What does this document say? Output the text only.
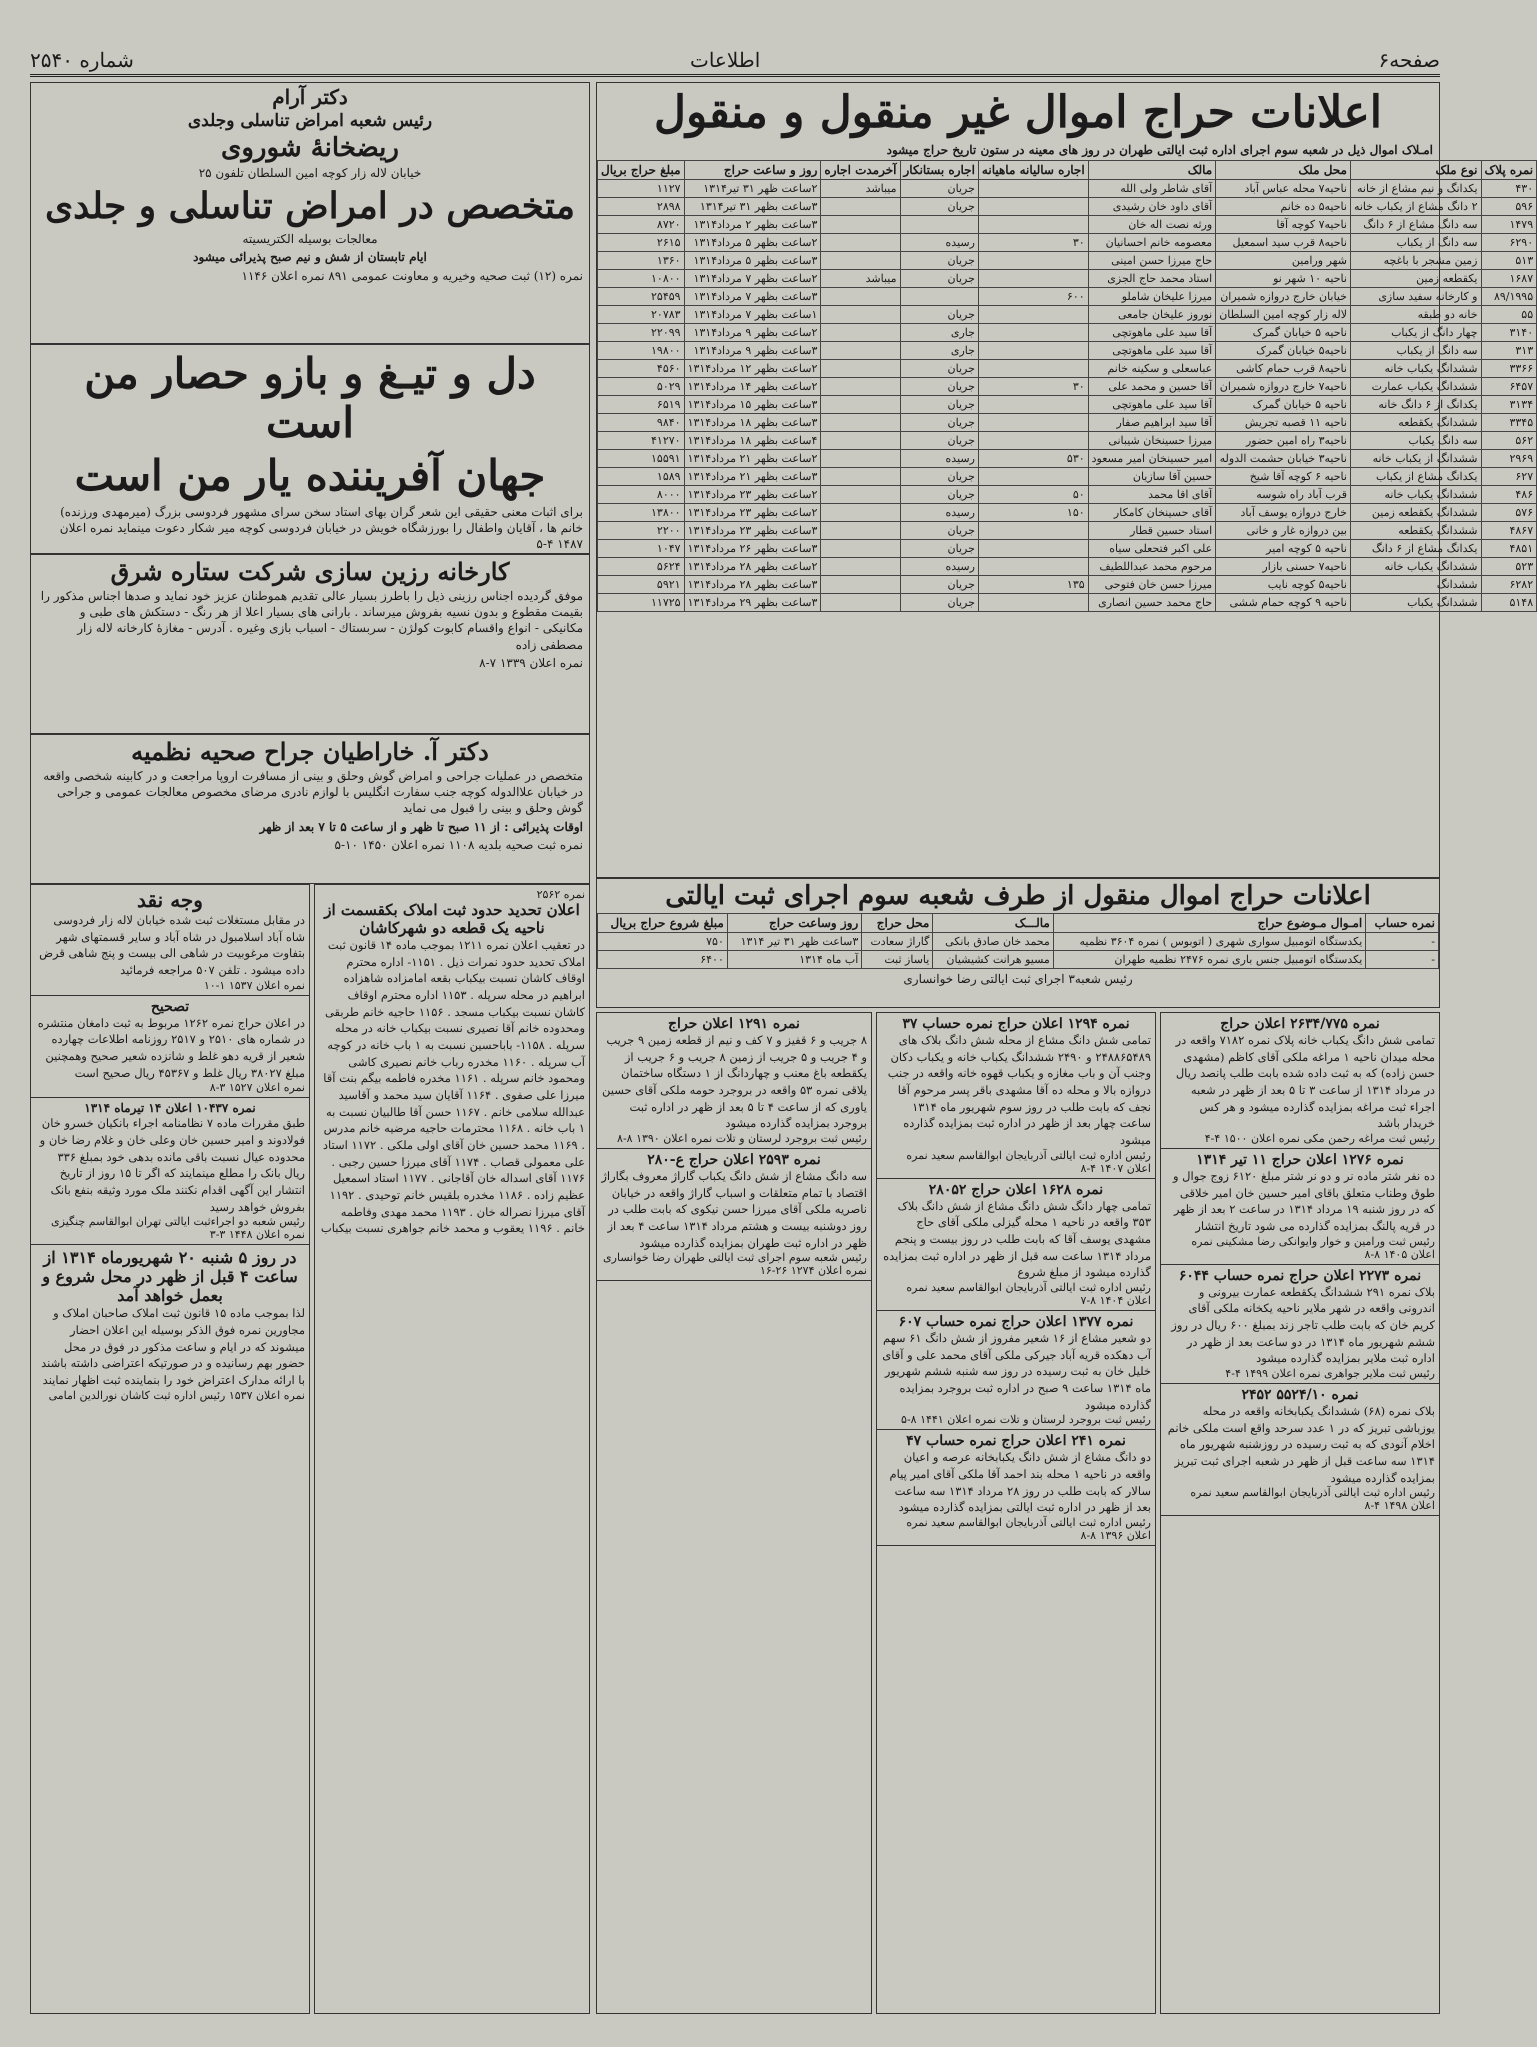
صفحه۶
اطلاعات
شماره ۲۵۴۰
اعلانات حراج اموال غیر منقول و منقول
امـلاک اموال ذیل در شعبه سوم اجرای اداره ثبت ایالتی طهران در روز های معینه در ستون تاریخ حراج میشود
نمره پلاک	نوع ملک	محل ملک	مالک	اجاره سالیانه ماهیانه	اجاره بستانکار	آخرمدت اجاره	روز و ساعت حراج	مبلغ حراج بریال
۴۳۰	یکدانگ و نیم مشاع از خانه	ناحیه۷ محله عباس آباد	آقای شاطر ولی الله		جریان	میباشد	۲ساعت ظهر ۳۱ تیر۱۳۱۴	۱۱۲۷
۵۹۶	۲ دانگ مشاع از یکباب خانه	ناحیه۵ ده خانم	آقای داود خان رشیدی		جریان		۳ساعت بظهر ۳۱ تیر۱۳۱۴	۲۸۹۸
۱۴۷۹	سه دانگ مشاع از ۶ دانگ	ناحیه۷ کوچه آقا	ورثه نصت اله خان				۳ساعت بظهر ۲ مرداد۱۳۱۴	۸۷۲۰
۶۲۹۰	سه دانگ از یکباب	ناحیه۸ قرب سید اسمعیل	معصومه خانم احسانیان	۳۰	رسیده		۲ساعت بظهر ۵ مرداد۱۳۱۴	۲۶۱۵
۵۱۳	زمین مشجر با باغچه	شهر ورامین	حاج میرزا حسن امینی		جریان		۳ساعت بظهر ۵ مرداد۱۳۱۴	۱۳۶۰
۱۶۸۷	یکقطعه زمین	ناحیه ۱۰ شهر نو	استاد محمد حاج الجزی		جریان	میباشد	۲ساعت بظهر ۷ مرداد۱۳۱۴	۱۰۸۰۰
۸۹/۱۹۹۵	و کارخانه سفید سازی	خیابان خارج دروازه شمیران	میرزا علیخان شاملو	۶۰۰			۳ساعت بظهر ۷ مرداد۱۳۱۴	۲۵۴۵۹
۵۵	خانه دو طبقه	لاله زار کوچه امین السلطان	نوروز علیخان جامعی		جریان		۱ساعت بظهر ۷ مرداد۱۳۱۴	۲۰۷۸۳
۳۱۴۰	چهار دانگ از یکباب	ناحیه ۵ خیابان گمرک	آقا سید علی ماهوتچی		جاری		۲ساعت بظهر ۹ مرداد۱۳۱۴	۲۲۰۹۹
۳۱۳	سه دانگ از یکباب	ناحیه۵ خیابان گمرک	آقا سید علی ماهوتچی		جاری		۳ساعت بظهر ۹ مرداد۱۳۱۴	۱۹۸۰۰
۳۳۶۶	ششدانگ یکباب خانه	ناحیه۸ قرب حمام کاشی	عباسعلی و سکینه خانم		جریان		۲ساعت بظهر ۱۲ مرداد۱۳۱۴	۴۵۶۰
۶۴۵۷	ششدانگ یکباب عمارت	ناحیه۷ خارج دروازه شمیران	آقا حسین و محمد علی	۳۰	جریان		۲ساعت بظهر ۱۴ مرداد۱۳۱۴	۵۰۲۹
۳۱۳۴	یکدانگ از ۶ دانگ خانه	ناحیه ۵ خیابان گمرک	آقا سید علی ماهوتچی		جریان		۳ساعت بظهر ۱۵ مرداد۱۳۱۴	۶۵۱۹
۳۳۴۵	ششدانگ یکقطعه	ناحیه ۱۱ قصبه تجریش	آقا سید ابراهیم صفار		جریان		۳ساعت بظهر ۱۸ مرداد۱۳۱۴	۹۸۴۰
۵۶۲	سه دانگ یکباب	ناحیه۳ راه امین حضور	میرزا حسینخان شیبانی		جریان		۴ساعت بظهر ۱۸ مرداد۱۳۱۴	۴۱۲۷۰
۲۹۶۹	ششدانگ از یکباب خانه	ناحیه۳ خیابان حشمت الدوله	امیر حسینخان امیر مسعود	۵۳۰	رسیده		۲ساعت بظهر ۲۱ مرداد۱۳۱۴	۱۵۵۹۱
۶۲۷	یکدانگ مشاع از یکباب	ناحیه ۶ کوچه آقا شیخ	حسین آقا سازیان		جریان		۳ساعت بظهر ۲۱ مرداد۱۳۱۴	۱۵۸۹
۴۸۶	ششدانگ یکباب خانه	قرب آباد راه شوسه	آقای اقا محمد	۵۰	جریان		۲ساعت بظهر ۲۳ مرداد۱۳۱۴	۸۰۰۰
۵۷۶	ششدانگ یکقطعه زمین	خارج دروازه یوسف آباد	آقای حسینخان کامکار	۱۵۰	رسیده		۲ساعت بظهر ۲۳ مرداد۱۳۱۴	۱۳۸۰۰
۴۸۶۷	ششدانگ یکقطعه	بین دروازه غار و خانی	استاد حسین قطار		جریان		۳ساعت بظهر ۲۳ مرداد۱۳۱۴	۲۲۰۰
۴۸۵۱	یکدانگ مشاع از ۶ دانگ	ناحیه ۵ کوچه امیر	علی اکبر فتحعلی سیاه		جریان		۳ساعت بظهر ۲۶ مرداد۱۳۱۴	۱۰۴۷
۵۲۳	ششدانگ یکباب خانه	ناحیه۷ حسنی بازار	مرحوم محمد عبداللطیف		رسیده		۲ساعت بظهر ۲۸ مرداد۱۳۱۴	۵۶۲۴
۶۲۸۲	ششدانگ	ناحیه۵ کوچه نایب	میرزا حسن خان فتوحی	۱۳۵	جریان		۳ساعت بظهر ۲۸ مرداد۱۳۱۴	۵۹۲۱
۵۱۴۸	ششدانگ یکباب	ناحیه ۹ کوچه حمام ششی	حاج محمد حسین انصاری		جریان		۳ساعت بظهر ۲۹ مرداد۱۳۱۴	۱۱۷۲۵
اعلانات حراج اموال منقول از طرف شعبه سوم اجرای ثبت ایالتی
نمره حساب	امـوال مـوضوع حراج	مالـــک	محل حراج	روز وساعت حراج	مبلغ شروع حراج بریال
-	یکدستگاه اتومبیل سواری شهری ( اتوبوس ) نمره ۳۶۰۴ نظمیه	محمد خان صادق بانکی	گاراژ سعادت	۳ساعت ظهر ۳۱ تیر ۱۳۱۴	۷۵۰
-	یکدستگاه اتومبیل جنس باری نمره ۲۴۷۶ نظمیه طهران	مسیو هرانت کشیشیان	یاساز ثبت	آب ماه ۱۳۱۴	۶۴۰۰
رئیس شعبه۳ اجرای ثبت ایالتی رضا خوانساری
دکتر آرام
رئیس شعبه امراض تناسلی وجلدی
ریضخانهٔ شوروی
خیابان لاله زار کوچه امین السلطان تلفون ۲۵
متخصص در امراض تناسلی و جلدی
معالجات بوسیله الکتریسیته
ایام تابستان از شش و نیم صبح پذیرائی میشود
نمره (۱۲) ثبت صحیه وخیریه و معاونت عمومی ۸۹۱ نمره اعلان ۱۱۴۶
دل و تیـغ و بازو حصار من است
جهان آفریننده یار من است
برای اثبات معنی حقیقی این شعر گران بهای استاد سخن سرای مشهور فردوسی بزرگ (میرمهدی ورزنده) خانم ها ، آقایان واطفال را بورزشگاه خویش در خیابان فردوسی کوچه میر شکار دعوت مینماید نمره اعلان ۱۴۸۷ ۴-۵
کارخانه رزین سازی شرکت ستاره شرق
موفق گردیده اجناس رزینی ذیل را باطرز بسیار عالی تقدیم هموطنان عزیز خود نماید و صدها اجناس مذکور را بقیمت مقطوع و بدون نسیه بفروش میرساند . بارانی های بسیار اعلا از هر رنگ - دستکش های طبی و مکانیکی - انواع واقسام کابوت کولژن - سربستاك - اسباب بازی وغیره . آدرس - مغازهٔ کارخانه لاله زار مصطفی زاده
نمره اعلان ۱۳۳۹ ۷-۸
دکتر آ. خاراطیان جراح صحیه نظمیه
متخصص در عملیات جراحی و امراض گوش وحلق و بینی از مسافرت اروپا مراجعت و در کابینه شخصی واقعه در خیابان علاالدوله کوچه جنب سفارت انگلیس با لوازم نادری مرضای مخصوص معالجات عمومی و جراحی گوش وحلق و بینی را قبول می نماید
اوقات پذیرائی : از ۱۱ صبح تا ظهر و از ساعت ۵ تا ۷ بعد از ظهر
نمره ثبت صحیه بلدیه ۱۱۰۸ نمره اعلان ۱۴۵۰ ۱۰-۵
وجه نقد
در مقابل مستغلات ثبت شده خیابان لاله زار فردوسی شاه آباد اسلامبول در شاه آباد و سایر قسمتهای شهر بتفاوت مرغوبیت در شاهی الی بیست و پنج شاهی قرض داده میشود . تلفن ۵۰۷ مراجعه فرمائید
نمره اعلان ۱۵۳۷ ۱-۱۰
تصحیح
در اعلان حراج نمره ۱۲۶۲ مربوط به ثبت دامغان منتشره در شماره های ۲۵۱۰ و ۲۵۱۷ روزنامه اطلاعات چهارده شعیر از قریه دهو غلط و شانزده شعیر صحیح وهمچنین مبلغ ۳۸۰۲۷ ریال غلط و ۴۵۳۶۷ ریال صحیح است
نمره اعلان ۱۵۲۷ ۳-۸
نمره ۱۰۴۳۷ اعلان ۱۴ تیرماه ۱۳۱۴
طبق مقررات ماده ۷ نظامنامه اجراء بانکیان خسرو خان فولادوند و امیر حسین خان وعلی خان و غلام رضا خان و محدوده عیال نسبت باقی مانده بدهی خود بمبلغ ۳۳۶ ریال بانک را مطلع مینمایند که اگر تا ۱۵ روز از تاریخ انتشار این آگهی اقدام نکنند ملک مورد وثیقه بنفع بانک بفروش خواهد رسید
رئیس شعبه دو اجراءثبت ایالتی تهران ابوالقاسم چنگیزی نمره اعلان ۱۴۴۸ ۳-۳
در روز ۵ شنبه ۲۰ شهریورماه ۱۳۱۴ از ساعت ۴ قبل از ظهر در محل شروع و بعمل خواهد آمد
لذا بموجب ماده ۱۵ قانون ثبت املاک صاحبان املاک و مجاورین نمره فوق الذکر بوسیله این اعلان احضار میشوند که در ایام و ساعت مذکور در فوق در محل حضور بهم رسانیده و در صورتیکه اعتراضی داشته باشند با ارائه مدارک اعتراض خود را بنماینده ثبت اظهار نمایند
نمره اعلان ۱۵۳۷ رئیس اداره ثبت کاشان نورالدین امامی
نمره ۲۵۶۲
اعلان تحدید حدود ثبت املاک بکقسمت از ناحیه یک قطعه دو شهرکاشان
در تعقیب اعلان نمره ۱۲۱۱ بموجب ماده ۱۴ قانون ثبت املاک تحدید حدود نمرات ذیل . ۱۱۵۱- اداره محترم اوقاف کاشان نسبت بیکباب بقعه امامزاده شاهزاده ابراهیم در محله سرپله . ۱۱۵۳ اداره محترم اوقاف کاشان نسبت بیکباب مسجد . ۱۱۵۶ حاجیه خانم طربقی ومحدوده خانم آقا نصیری نسبت بیکباب خانه در محله سرپله . ۱۱۵۸- باباحسین نسبت به ۱ باب خانه در کوچه آب سرپله . ۱۱۶۰ مخدره رباب خانم نصیری کاشی ومحمود خانم سرپله . ۱۱۶۱ مخدره فاطمه بیگم بنت آقا میرزا علی صفوی . ۱۱۶۴ آقایان سید محمد و آقاسید عبدالله سلامی خانم . ۱۱۶۷ حسن آقا طالبیان نسبت به ۱ باب خانه . ۱۱۶۸ محترمات حاجیه مرضیه خانم مدرس . ۱۱۶۹ محمد حسین خان آقای اولی ملکی . ۱۱۷۲ استاد علی معمولی قصاب . ۱۱۷۴ آقای میرزا حسین رجبی . ۱۱۷۶ آقای اسداله خان آقاجانی . ۱۱۷۷ استاد اسمعیل عظیم زاده . ۱۱۸۶ مخدره بلقیس خانم توحیدی . ۱۱۹۲ آقای میرزا نصراله خان . ۱۱۹۳ محمد مهدی وفاطمه خانم . ۱۱۹۶ یعقوب و محمد خانم جواهری نسبت بیکباب
نمره ۱۲۹۱ اعلان حراج
۸ جریب و ۶ قفیز و ۷ کف و نیم از قطعه زمین ۹ جریب و ۴ جریب و ۵ جریب از زمین ۸ جریب و ۶ جریب از یکقطعه باغ معنب و چهاردانگ از ۱ دستگاه ساختمان یلاقی نمره ۵۳ واقعه در بروجرد حومه ملکی آقای حسین یاوری که از ساعت ۴ تا ۵ بعد از ظهر در اداره ثبت بروجرد بمزایده گذارده میشود
رئیس ثبت بروجرد لرستان و تلات نمره اعلان ۱۳۹۰ ۸-۸
نمره ۲۵۹۳ اعلان حراج ع-۲۸۰
سه دانگ مشاع از شش دانگ یکباب گاراژ معروف بگاراژ اقتصاد با تمام متعلقات و اسباب گاراژ واقعه در خیابان ناصریه ملکی آقای میرزا حسن نیکوی که بابت طلب در روز دوشنبه بیست و هشتم مرداد ۱۳۱۴ ساعت ۴ بعد از ظهر در اداره ثبت طهران بمزایده گذارده میشود
رئیس شعبه سوم اجرای ثبت ایالتی طهران رضا خوانساری نمره اعلان ۱۲۷۴ ۲۶-۱۶
نمره ۱۲۹۴ اعلان حراج نمره حساب ۳۷
تمامی شش دانگ مشاع از محله شش دانگ بلاک های ۲۴۸۸۶۵۴۸۹ و ۲۴۹۰ ششدانگ یکباب خانه و یکباب دکان وجنب آن و باب مغازه و یکباب قهوه خانه واقعه در جنب دروازه بالا و محله ده آقا مشهدی باقر پسر مرحوم آقا نجف که بابت طلب در روز سوم شهریور ماه ۱۳۱۴ ساعت چهار بعد از ظهر در اداره ثبت بمزایده گذارده میشود
رئیس اداره ثبت ایالتی آذربایجان ابوالقاسم سعید نمره اعلان ۱۴۰۷ ۴-۸
نمره ۱۶۲۸ اعلان حراج ۲۸۰۵۲
تمامی چهار دانگ شش دانگ مشاع از شش دانگ بلاک ۳۵۳ واقعه در ناحیه ۱ محله گیزلی ملکی آقای حاج مشهدی یوسف آقا که بابت طلب در روز بیست و پنجم مرداد ۱۳۱۴ ساعت سه قبل از ظهر در اداره ثبت بمزایده گذارده میشود از مبلغ شروع
رئیس اداره ثبت ایالتی آذربایجان ابوالقاسم سعید نمره اعلان ۱۴۰۴ ۸-۷
نمره ۱۳۷۷ اعلان حراج نمره حساب ۶۰۷
دو شعیر مشاع از ۱۶ شعیر مفروز از شش دانگ ۶۱ سهم آب دهکده قریه آباد جیرکی ملکی آقای محمد علی و آقای خلیل خان به ثبت رسیده در روز سه شنبه ششم شهریور ماه ۱۳۱۴ ساعت ۹ صبح در اداره ثبت بروجرد بمزایده گذارده میشود
رئیس ثبت بروجرد لرستان و تلات نمره اعلان ۱۴۴۱ ۸-۵
نمره ۲۴۱ اعلان حراج نمره حساب ۴۷
دو دانگ مشاع از شش دانگ یکبابخانه عرصه و اعیان واقعه در ناحیه ۱ محله بند احمد آقا ملکی آقای امیر پیام سالار که بابت طلب در روز ۲۸ مرداد ۱۳۱۴ سه ساعت بعد از ظهر در اداره ثبت ایالتی بمزایده گذارده میشود
رئیس اداره ثبت ایالتی آذربایجان ابوالقاسم سعید نمره اعلان ۱۳۹۶ ۸-۸
نمره ۲۶۳۴/۷۷۵ اعلان حراج
تمامی شش دانگ یکباب خانه پلاک نمره ۷۱۸۲ واقعه در محله میدان ناحیه ۱ مراغه ملکی آقای کاظم (مشهدی حسن زاده) که به ثبت داده شده بابت طلب پانصد ریال در مرداد ۱۳۱۴ از ساعت ۳ تا ۵ بعد از ظهر در شعبه اجراء ثبت مراغه بمزایده گذارده میشود و هر کس خریدار باشد
رئیس ثبت مراغه رحمن مکی نمره اعلان ۱۵۰۰ ۴-۴
نمره ۱۲۷۶ اعلان حراج ۱۱ تیر ۱۳۱۴
ده نفر شتر ماده نر و دو نر شتر مبلغ ۶۱۲۰ زوج جوال و طوق وطناب متعلق باقای امیر حسین خان امیر خلاقی که در روز شنبه ۱۹ مرداد ۱۳۱۴ در ساعت ۲ بعد از ظهر در قریه پالنگ بمزایده گذارده می شود تاریخ انتشار
رئیس ثبت ورامین و خوار وایوانکی رضا مشکینی نمره اعلان ۱۴۰۵ ۸-۸
نمره ۲۲۷۳ اعلان حراج نمره حساب ۶۰۴۴
بلاک نمره ۲۹۱ ششدانگ یکقطعه عمارت بیرونی و اندرونی واقعه در شهر ملایر ناحیه یکخانه ملکی آقای کریم خان که بابت طلب تاجر زند بمبلغ ۶۰۰ ریال در روز ششم شهریور ماه ۱۳۱۴ در دو ساعت بعد از ظهر در اداره ثبت ملایر بمزایده گذارده میشود
رئیس ثبت ملایر جواهری نمره اعلان ۱۴۹۹ ۴-۴
نمره ۵۵۲۴/۱۰ ۲۴۵۲
بلاک نمره (۶۸) ششدانگ یکبابخانه واقعه در محله یوزباشی تبریز که در ۱ عدد سرحد واقع است ملکی خانم اخلام آنودی که به ثبت رسیده در روزشنبه شهریور ماه ۱۳۱۴ سه ساعت قبل از ظهر در شعبه اجرای ثبت تبریز بمزایده گذارده میشود
رئیس اداره ثبت ایالتی آذربایجان ابوالقاسم سعید نمره اعلان ۱۴۹۸ ۴-۸
